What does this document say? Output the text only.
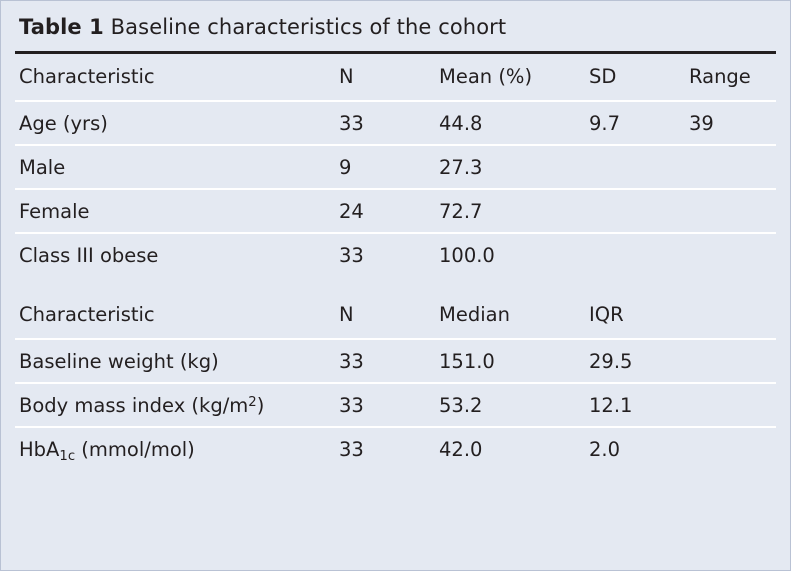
Table 1 Baseline characteristics of the cohort
Characteristic	N	Mean (%)	SD	Range
Age (yrs)	33	44.8	9.7	39
Male	9	27.3		
Female	24	72.7		
Class III obese	33	100.0		

Characteristic	N	Median	IQR	
Baseline weight (kg)	33	151.0	29.5	
Body mass index $(kg/m^2)$	33	53.2	12.1	
HbA$_{1c}$ (mmol/mol)	33	42.0	2.0	
